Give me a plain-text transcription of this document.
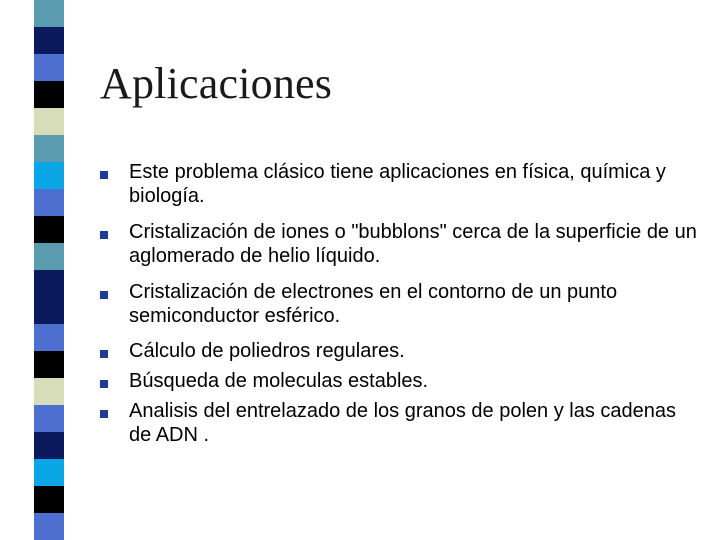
Aplicaciones
Este problema clásico tiene aplicaciones en física, química y biología.
Cristalización de iones o "bubblons" cerca de la superficie de un aglomerado de helio líquido.
Cristalización de electrones en el contorno de un punto semiconductor esférico.
Cálculo de poliedros regulares.
Búsqueda de moleculas estables.
Analisis del entrelazado de los granos de polen y las cadenas de ADN .
